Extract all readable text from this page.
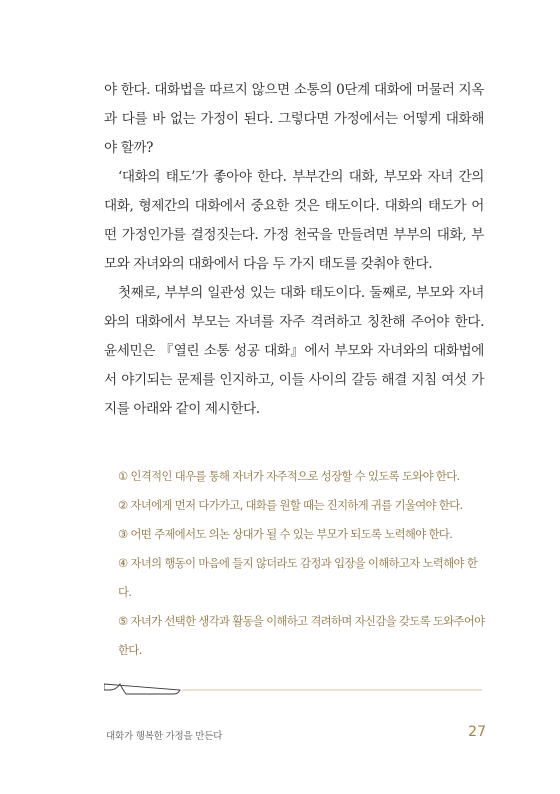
야 한다. 대화법을 따르지 않으면 소통의 0단계 대화에 머물러 지옥과 다를 바 없는 가정이 된다. 그렇다면 가정에서는 어떻게 대화해야 할까?

‘대화의 태도’가 좋아야 한다. 부부간의 대화, 부모와 자녀 간의 대화, 형제간의 대화에서 중요한 것은 태도이다. 대화의 태도가 어떤 가정인가를 결정짓는다. 가정 천국을 만들려면 부부의 대화, 부모와 자녀와의 대화에서 다음 두 가지 태도를 갖춰야 한다.

첫째로, 부부의 일관성 있는 대화 태도이다. 둘째로, 부모와 자녀와의 대화에서 부모는 자녀를 자주 격려하고 칭찬해 주어야 한다. 윤세민은 『열린 소통 성공 대화』에서 부모와 자녀와의 대화법에서 야기되는 문제를 인지하고, 이들 사이의 갈등 해결 지침 여섯 가지를 아래와 같이 제시한다.

① 인격적인 대우를 통해 자녀가 자주적으로 성장할 수 있도록 도와야 한다.

② 자녀에게 먼저 다가가고, 대화를 원할 때는 진지하게 귀를 기울여야 한다.

③ 어떤 주제에서도 의논 상대가 될 수 있는 부모가 되도록 노력해야 한다.

④ 자녀의 행동이 마음에 들지 않더라도 감정과 입장을 이해하고자 노력해야 한다.

⑤ 자녀가 선택한 생각과 활동을 이해하고 격려하며 자신감을 갖도록 도와주어야 한다.

대화가 행복한 가정을 만든다	27
